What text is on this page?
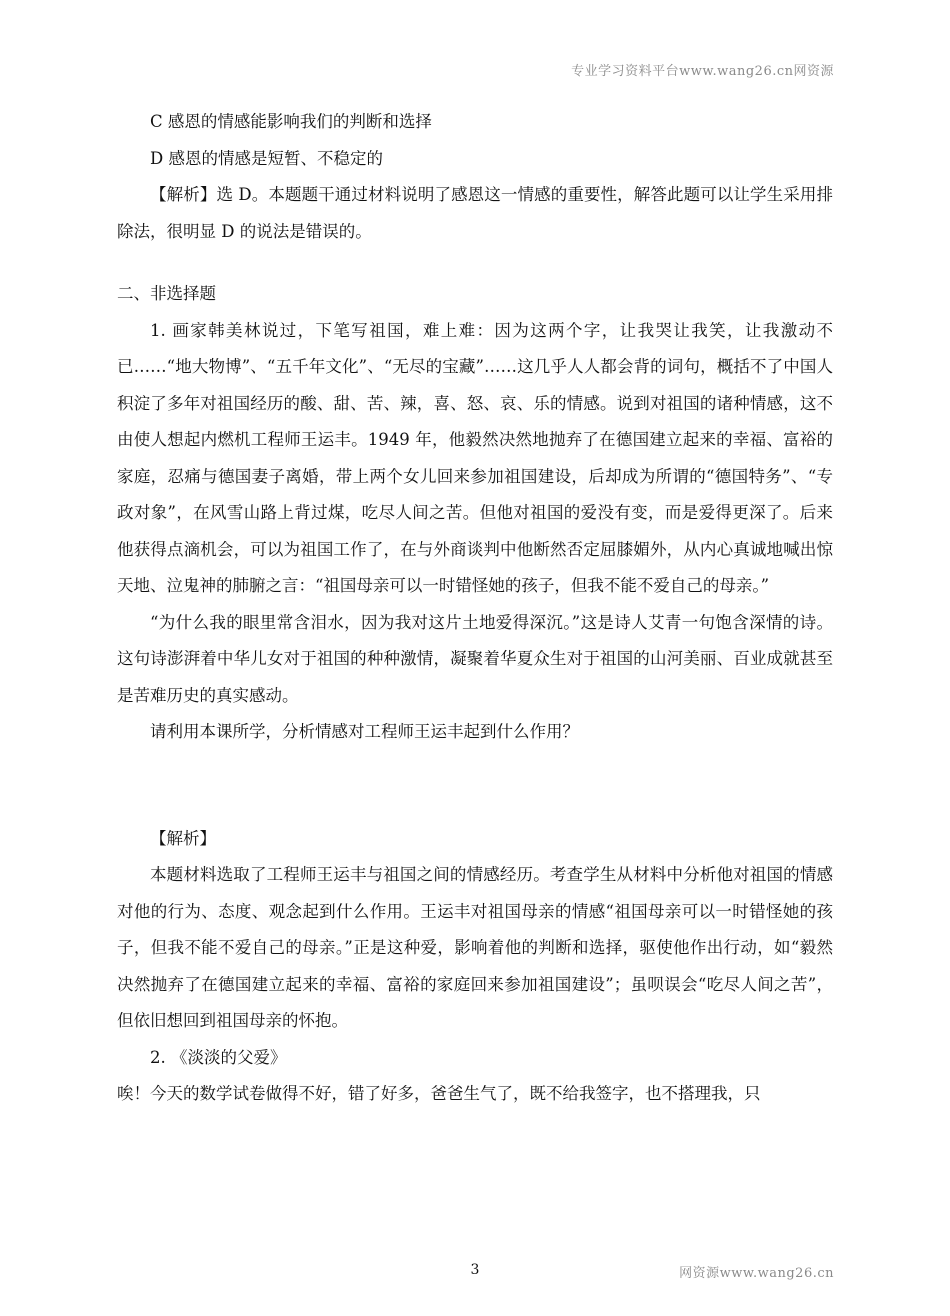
专业学习资料平台www.wang26.cn网资源

C 感恩的情感能影响我们的判断和选择

D 感恩的情感是短暂、不稳定的

【解析】选 D。本题题干通过材料说明了感恩这一情感的重要性，解答此题可以让学生采用排除法，很明显 D 的说法是错误的。

二、非选择题

1. 画家韩美林说过，下笔写祖国，难上难：因为这两个字，让我哭让我笑，让我激动不已……“地大物博”、“五千年文化”、“无尽的宝藏”……这几乎人人都会背的词句，概括不了中国人积淀了多年对祖国经历的酸、甜、苦、辣，喜、怒、哀、乐的情感。说到对祖国的诸种情感，这不由使人想起内燃机工程师王运丰。1949 年，他毅然决然地抛弃了在德国建立起来的幸福、富裕的家庭，忍痛与德国妻子离婚，带上两个女儿回来参加祖国建设，后却成为所谓的“德国特务”、“专政对象”，在风雪山路上背过煤，吃尽人间之苦。但他对祖国的爱没有变，而是爱得更深了。后来他获得点滴机会，可以为祖国工作了，在与外商谈判中他断然否定屈膝媚外，从内心真诚地喊出惊天地、泣鬼神的肺腑之言：“祖国母亲可以一时错怪她的孩子，但我不能不爱自己的母亲。”

“为什么我的眼里常含泪水，因为我对这片土地爱得深沉。”这是诗人艾青一句饱含深情的诗。这句诗澎湃着中华儿女对于祖国的种种激情，凝聚着华夏众生对于祖国的山河美丽、百业成就甚至是苦难历史的真实感动。

请利用本课所学，分析情感对工程师王运丰起到什么作用？

【解析】

本题材料选取了工程师王运丰与祖国之间的情感经历。考查学生从材料中分析他对祖国的情感对他的行为、态度、观念起到什么作用。王运丰对祖国母亲的情感“祖国母亲可以一时错怪她的孩子，但我不能不爱自己的母亲。”正是这种爱，影响着他的判断和选择，驱使他作出行动，如“毅然决然抛弃了在德国建立起来的幸福、富裕的家庭回来参加祖国建设”；虽呗误会“吃尽人间之苦”，但依旧想回到祖国母亲的怀抱。

2. 《淡淡的父爱》

唉！今天的数学试卷做得不好，错了好多，爸爸生气了，既不给我签字，也不搭理我，只

3	网资源www.wang26.cn
